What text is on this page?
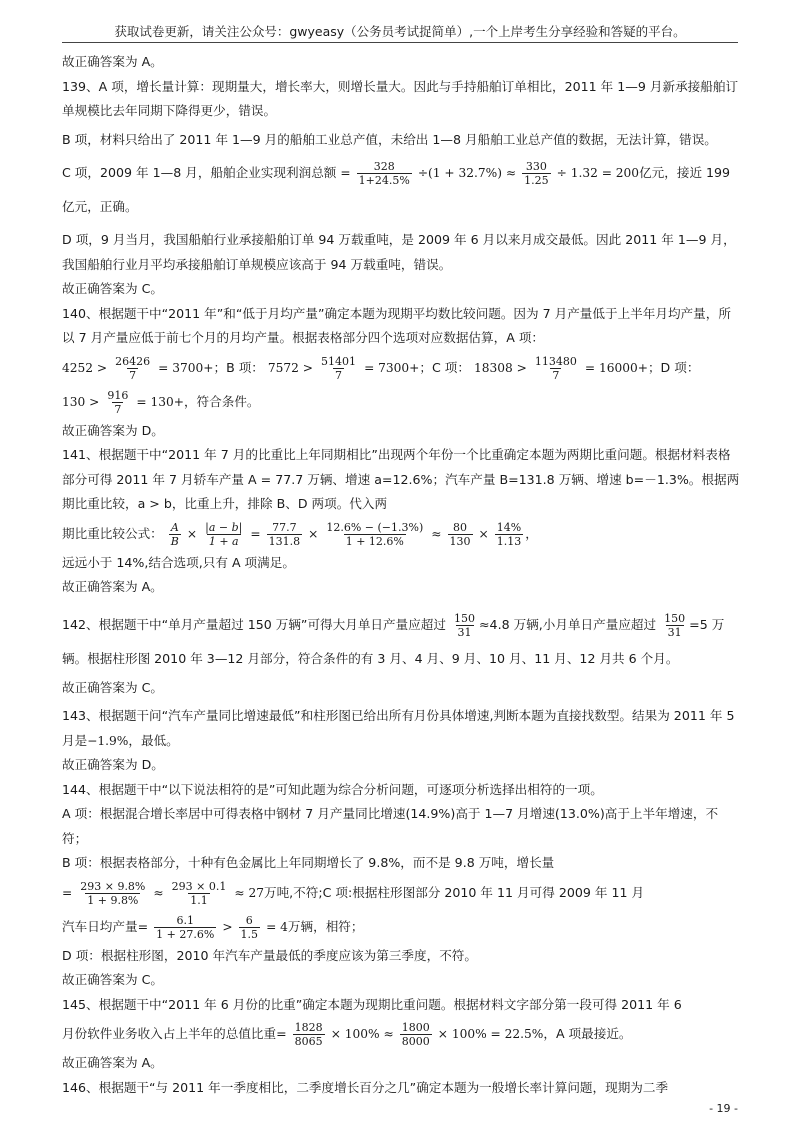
获取试卷更新，请关注公众号：gwyeasy（公务员考试捉简单）,一个上岸考生分享经验和答疑的平台。

故正确答案为 A。

139、A 项，增长量计算：现期量大，增长率大，则增长量大。因此与手持船舶订单相比，2011 年 1—9 月新承接船舶订单规模比去年同期下降得更少，错误。

B 项，材料只给出了 2011 年 1—9 月的船舶工业总产值，未给出 1—8 月船舶工业总产值的数据，无法计算，错误。

C 项，2009 年 1—8 月，船舶企业实现利润总额 = $\frac{328}{1+24.5\%} \div(1 + 32.7\%) \approx \frac{330}{1.25} \div 1.32 = 200$亿元，接近 199 亿元，正确。

D 项，9 月当月，我国船舶行业承接船舶订单 94 万载重吨，是 2009 年 6 月以来月成交最低。因此 2011 年 1—9 月，我国船舶行业月平均承接船舶订单规模应该高于 94 万载重吨，错误。

故正确答案为 C。

140、根据题干中“2011 年”和“低于月均产量”确定本题为现期平均数比较问题。因为 7 月产量低于上半年月均产量，所以 7 月产量应低于前七个月的月均产量。根据表格部分四个选项对应数据估算，A 项：

$4252 > \frac{26426}{7} = 3700+$；B 项： $7572 > \frac{51401}{7} = 7300+$；C 项： $18308 > \frac{113480}{7} = 16000+$；D 项：

$130 > \frac{916}{7} = 130+$，符合条件。

故正确答案为 D。

141、根据题干中“2011 年 7 月的比重比上年同期相比”出现两个年份一个比重确定本题为两期比重问题。根据材料表格部分可得 2011 年 7 月轿车产量 A = 77.7 万辆、增速 a=12.6%；汽车产量 B=131.8 万辆、增速 b=－1.3%。根据两期比重比较，a > b，比重上升，排除 B、D 两项。代入两

期比重比较公式： $\frac{A}{B} \times \frac{|a - b|}{1 + a} = \frac{77.7}{131.8} \times \frac{12.6\% - (-1.3\%)}{1 + 12.6\%} \approx \frac{80}{130} \times \frac{14\%}{1.13}$ ，

远远小于 14%,结合选项,只有 A 项满足。

故正确答案为 A。

142、根据题干中“单月产量超过 150 万辆”可得大月单日产量应超过 $\frac{150}{31} \approx 4.8$ 万辆,小月单日产量应超过 $\frac{150}{31} =5$ 万辆。根据柱形图 2010 年 3—12 月部分，符合条件的有 3 月、4 月、9 月、10 月、11 月、12 月共 6 个月。

故正确答案为 C。

143、根据题干问“汽车产量同比增速最低”和柱形图已给出所有月份具体增速,判断本题为直接找数型。结果为 2011 年 5 月是−1.9%，最低。

故正确答案为 D。

144、根据题干中“以下说法相符的是”可知此题为综合分析问题，可逐项分析选择出相符的一项。

A 项：根据混合增长率居中可得表格中钢材 7 月产量同比增速(14.9%)高于 1—7 月增速(13.0%)高于上半年增速，不符；

B 项：根据表格部分，十种有色金属比上年同期增长了 9.8%，而不是 9.8 万吨，增长量

= $\frac{293 \times 9.8\%}{1 + 9.8\%} \approx \frac{293 \times 0.1}{1.1} \approx 27$万吨,不符;C 项:根据柱形图部分 2010 年 11 月可得 2009 年 11 月

汽车日均产量= $\frac{6.1}{1 + 27.6\%} > \frac{6}{1.5} = 4$万辆，相符；

D 项：根据柱形图，2010 年汽车产量最低的季度应该为第三季度，不符。

故正确答案为 C。

145、根据题干中“2011 年 6 月份的比重”确定本题为现期比重问题。根据材料文字部分第一段可得 2011 年 6

月份软件业务收入占上半年的总值比重= $\frac{1828}{8065} \times 100\% \approx \frac{1800}{8000} \times 100\% = 22.5\%$，A 项最接近。

故正确答案为 A。

146、根据题干“与 2011 年一季度相比，二季度增长百分之几”确定本题为一般增长率计算问题，现期为二季

- 19 -
